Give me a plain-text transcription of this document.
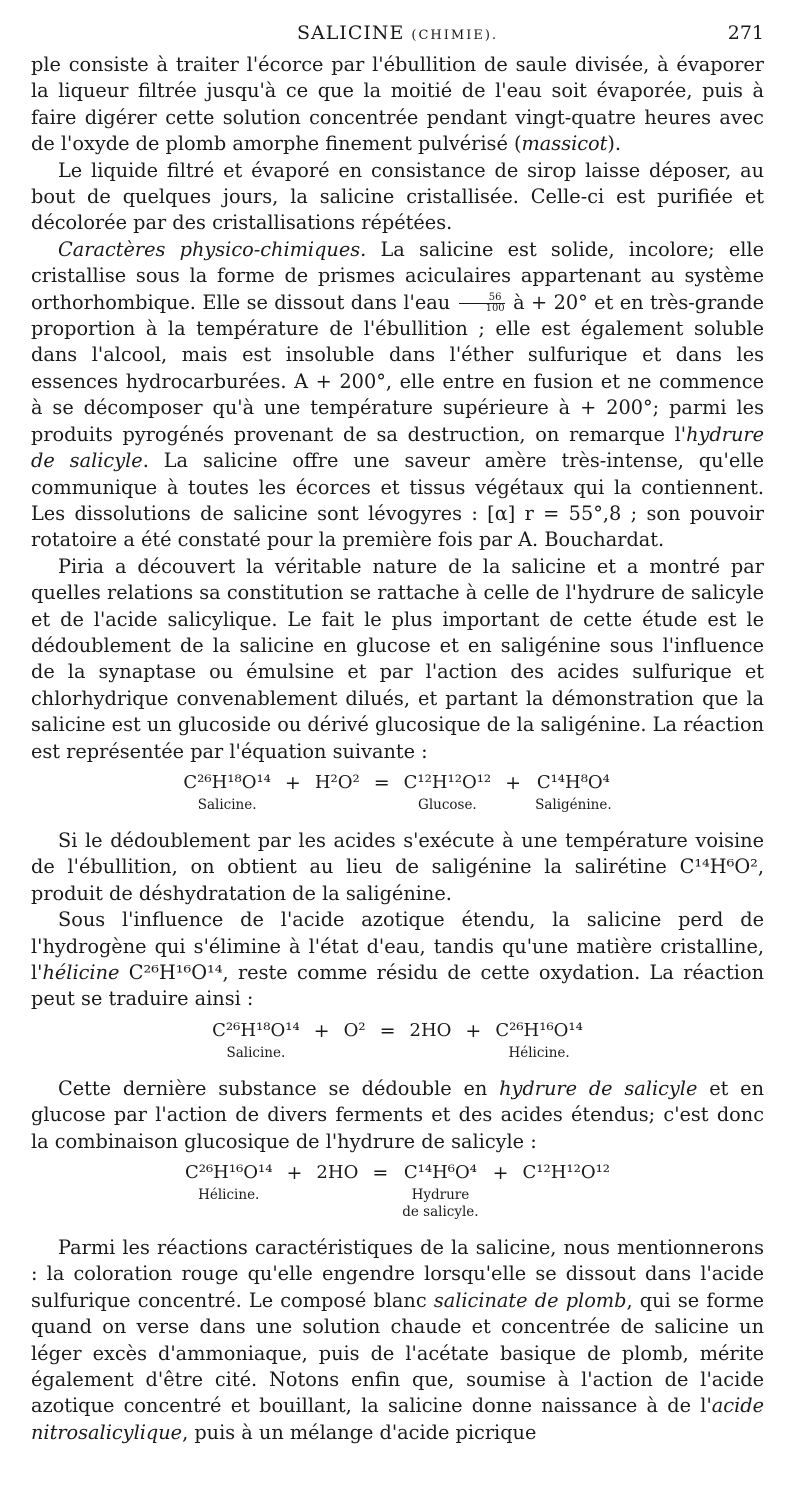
SALICINE (CHIMIE).	271

ple consiste à traiter l'écorce par l'ébullition de saule divisée, à évaporer la liqueur filtrée jusqu'à ce que la moitié de l'eau soit évaporée, puis à faire digérer cette solution concentrée pendant vingt-quatre heures avec de l'oxyde de plomb amorphe finement pulvérisé (massicot).

Le liquide filtré et évaporé en consistance de sirop laisse déposer, au bout de quelques jours, la salicine cristallisée. Celle-ci est purifiée et décolorée par des cristallisations répétées.

Caractères physico-chimiques. La salicine est solide, incolore; elle cristallise sous la forme de prismes aciculaires appartenant au système orthorhombique. Elle se dissout dans $l'eau \frac{56}{100}$ à + 20° et en très-grande proportion à la température de l'ébullition ; elle est également soluble dans l'alcool, mais est insoluble dans l'éther sulfurique et dans les essences hydrocarburées. A + 200°, elle entre en fusion et ne commence à se décomposer qu'à une température supérieure à + 200°; parmi les produits pyrogénés provenant de sa destruction, on remarque l'hydrure de salicyle. La salicine offre une saveur amère très-intense, qu'elle communique à toutes les écorces et tissus végétaux qui la contiennent. Les dissolutions de salicine sont lévogyres : [α] r = 55°,8 ; son pouvoir rotatoire a été constaté pour la première fois par A. Bouchardat.

Piria a découvert la véritable nature de la salicine et a montré par quelles relations sa constitution se rattache à celle de l'hydrure de salicyle et de l'acide salicylique. Le fait le plus important de cette étude est le dédoublement de la salicine en glucose et en saligénine sous l'influence de la synaptase ou émulsine et par l'action des acides sulfurique et chlorhydrique convenablement dilués, et partant la démonstration que la salicine est un glucoside ou dérivé glucosique de la saligénine. La réaction est représentée par l'équation suivante :

C²⁶H¹⁸O¹⁴
Salicine.
+ H²O² = C¹²H¹²O¹²
Glucose.
+ C¹⁴H⁸O⁴
Saligénine.

Si le dédoublement par les acides s'exécute à une température voisine de l'ébullition, on obtient au lieu de saligénine la salirétine C¹⁴H⁶O², produit de déshydratation de la saligénine.

Sous l'influence de l'acide azotique étendu, la salicine perd de l'hydrogène qui s'élimine à l'état d'eau, tandis qu'une matière cristalline, l'hélicine C²⁶H¹⁶O¹⁴, reste comme résidu de cette oxydation. La réaction peut se traduire ainsi :

C²⁶H¹⁸O¹⁴
Salicine.
+ O² = 2HO + C²⁶H¹⁶O¹⁴
Hélicine.

Cette dernière substance se dédouble en hydrure de salicyle et en glucose par l'action de divers ferments et des acides étendus; c'est donc la combinaison glucosique de l'hydrure de salicyle :

C²⁶H¹⁶O¹⁴
Hélicine.
+ 2HO = C¹⁴H⁶O⁴
Hydrure
de salicyle.
+ C¹²H¹²O¹²

Parmi les réactions caractéristiques de la salicine, nous mentionnerons : la coloration rouge qu'elle engendre lorsqu'elle se dissout dans l'acide sulfurique concentré. Le composé blanc salicinate de plomb, qui se forme quand on verse dans une solution chaude et concentrée de salicine un léger excès d'ammoniaque, puis de l'acétate basique de plomb, mérite également d'être cité. Notons enfin que, soumise à l'action de l'acide azotique concentré et bouillant, la salicine donne naissance à de l'acide nitrosalicylique, puis à un mélange d'acide picrique
